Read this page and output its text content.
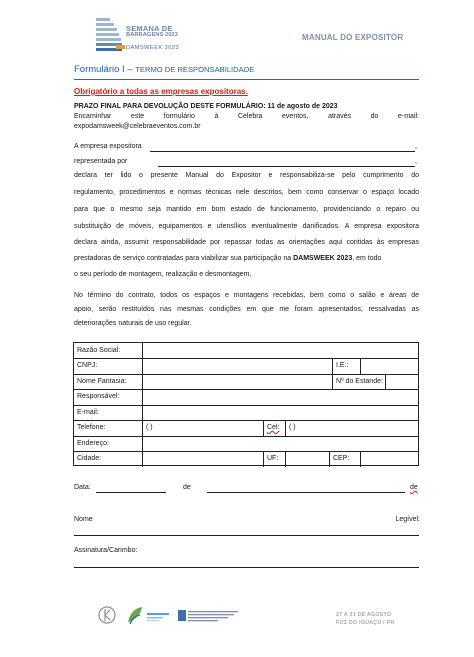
SEMANA DE
BARRAGENS 2023
DAMSWEEK 2023
MANUAL DO EXPOSITOR
Formulário I – TERMO DE RESPONSABILIDADE
Obrigatório a todas as empresas expositoras.
PRAZO FINAL PARA DEVOLUÇÃO DESTE FORMULÁRIO: 11 de agosto de 2023
Encaminhar este formulário à Celebra eventos, através do e-mail:
expodamsweek@celebraeventos.com.br
A empresa expositora	,
representada por	,
declara ter lido o presente Manual do Expositor e responsabiliza-se pelo cumprimento do
regulamento, procedimentos e normas técnicas nele descritos, bem como conservar o espaço locado
para que o mesmo seja mantido em bom estado de funcionamento, providenciando o reparo ou
substituição de móveis, equipamentos e utensílios eventualmente danificados. A empresa expositora
declara ainda, assumir responsabilidade por repassar todas as orientações aqui contidas às empresas
prestadoras de serviço contratadas para viabilizar sua participação na DAMSWEEK 2023, em todo
o seu período de montagem, realização e desmontagem.
No término do contrato, todos os espaços e montagens recebidas, bem como o salão e áreas de
apoio, serão restituídos nas mesmas condições em que me foram apresentados, ressalvadas as
deteriorações naturais de uso regular.
Razão Social:
CNPJ:	I.E.:
Nome Fantasia:	Nº do Estande:
Responsável:
E-mail:
Telefone:	( )	Cel: ( )
Endereço:
Cidade:	UF:	CEP:
Data:	de	de
Nome	Legível:
Assinatura/Carimbo:
27 A 31 DE AGOSTO
FOZ DO IGUAÇU / PR
